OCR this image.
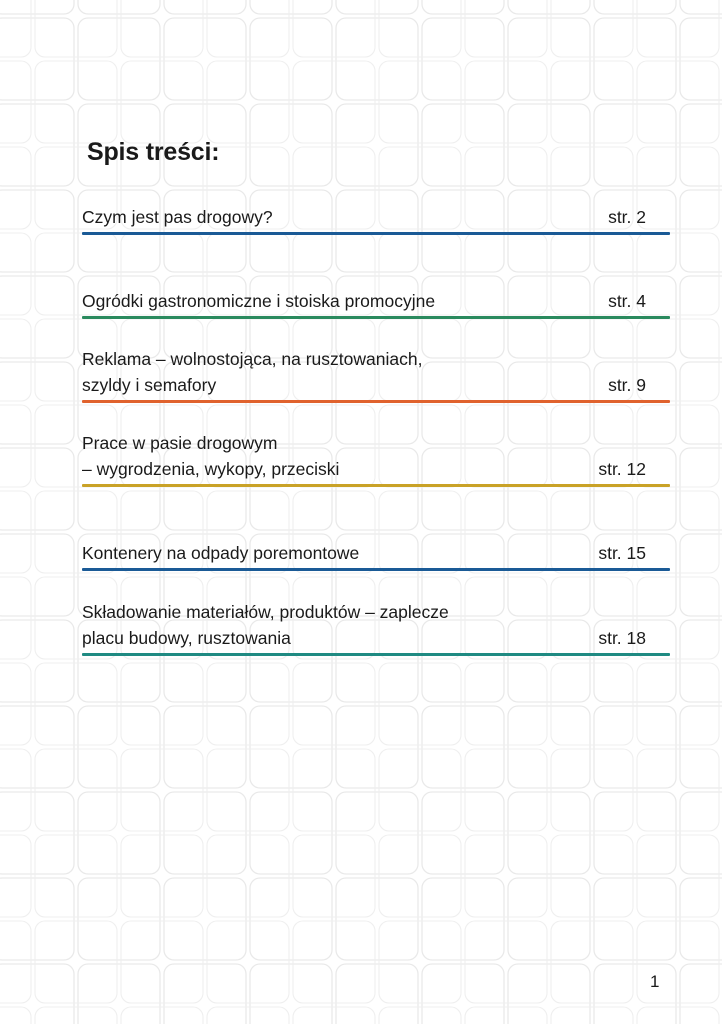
Spis treści:
Czym jest pas drogowy?	str. 2
Ogródki gastronomiczne i stoiska promocyjne	str. 4
Reklama – wolnostojąca, na rusztowaniach,
szyldy i semafory	str. 9
Prace w pasie drogowym
– wygrodzenia, wykopy, przeciski	str. 12
Kontenery na odpady poremontowe	str. 15
Składowanie materiałów, produktów – zaplecze
placu budowy, rusztowania	str. 18
1
